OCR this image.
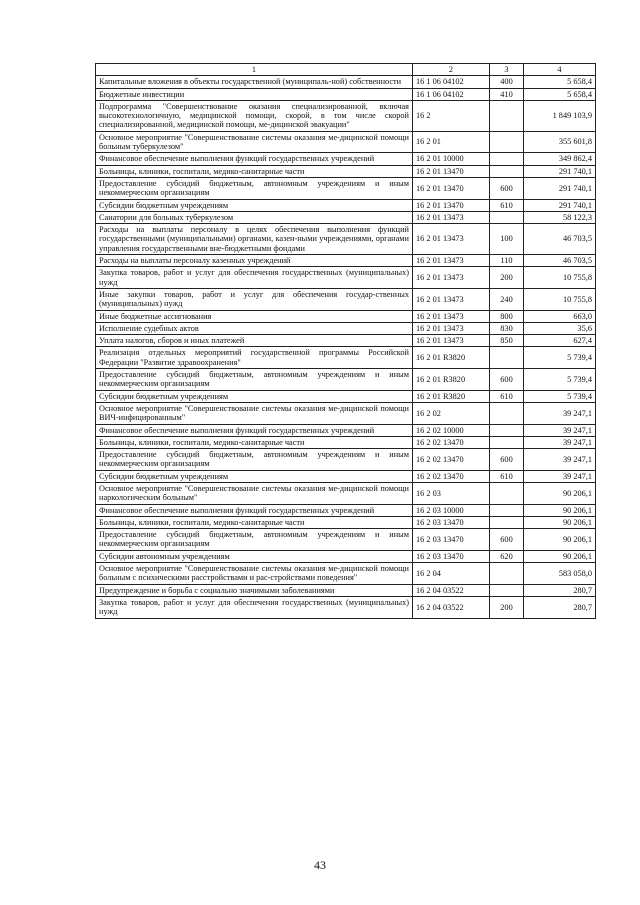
1	2	3	4
Капитальные вложения в объекты государственной (муниципаль-ной) собственности	16 1 06 04102	400	5 658,4
Бюджетные инвестиции	16 1 06 04102	410	5 658,4
Подпрограмма "Совершенствование оказания специализированной, включая высокотехнологичную, медицинской помощи, скорой, в том числе скорой специализированной, медицинской помощи, ме-дицинской эвакуации"	16 2		1 849 103,9
Основное мероприятие "Совершенствование системы оказания ме-дицинской помощи больным туберкулезом"	16 2 01		355 601,8
Финансовое обеспечение выполнения функций государственных учреждений	16 2 01 10000		349 862,4
Больницы, клиники, госпитали, медико-санитарные части	16 2 01 13470		291 740,1
Предоставление субсидий бюджетным, автономным учреждениям и иным некоммерческим организациям	16 2 01 13470	600	291 740,1
Субсидии бюджетным учреждениям	16 2 01 13470	610	291 740,1
Санатории для больных туберкулезом	16 2 01 13473		58 122,3
Расходы на выплаты персоналу в целях обеспечения выполнения функций государственными (муниципальными) органами, казен-ными учреждениями, органами управления государственными вне-бюджетными фондами	16 2 01 13473	100	46 703,5
Расходы на выплаты персоналу казенных учреждений	16 2 01 13473	110	46 703,5
Закупка товаров, работ и услуг для обеспечения государственных (муниципальных) нужд	16 2 01 13473	200	10 755,8
Иные закупки товаров, работ и услуг для обеспечения государ-ственных (муниципальных) нужд	16 2 01 13473	240	10 755,8
Иные бюджетные ассигнования	16 2 01 13473	800	663,0
Исполнение судебных актов	16 2 01 13473	830	35,6
Уплата налогов, сборов и иных платежей	16 2 01 13473	850	627,4
Реализация отдельных мероприятий государственной программы Российской Федерации "Развитие здравоохранения"	16 2 01 R3820		5 739,4
Предоставление субсидий бюджетным, автономным учреждениям и иным некоммерческим организациям	16 2 01 R3820	600	5 739,4
Субсидии бюджетным учреждениям	16 2 01 R3820	610	5 739,4
Основное мероприятие "Совершенствование системы оказания ме-дицинской помощи ВИЧ-инфицированным"	16 2 02		39 247,1
Финансовое обеспечение выполнения функций государственных учреждений	16 2 02 10000		39 247,1
Больницы, клиники, госпитали, медико-санитарные части	16 2 02 13470		39 247,1
Предоставление субсидий бюджетным, автономным учреждениям и иным некоммерческим организациям	16 2 02 13470	600	39 247,1
Субсидии бюджетным учреждениям	16 2 02 13470	610	39 247,1
Основное мероприятие "Совершенствование системы оказания ме-дицинской помощи наркологическим больным"	16 2 03		90 206,1
Финансовое обеспечение выполнения функций государственных учреждений	16 2 03 10000		90 206,1
Больницы, клиники, госпитали, медико-санитарные части	16 2 03 13470		90 206,1
Предоставление субсидий бюджетным, автономным учреждениям и иным некоммерческим организациям	16 2 03 13470	600	90 206,1
Субсидии автономным учреждениям	16 2 03 13470	620	90 206,1
Основное мероприятие "Совершенствование системы оказания ме-дицинской помощи больным с психическими расстройствами и рас-стройствами поведения"	16 2 04		583 058,0
Предупреждение и борьба с социально значимыми заболеваниями	16 2 04 03522		280,7
Закупка товаров, работ и услуг для обеспечения государственных (муниципальных) нужд	16 2 04 03522	200	280,7
43
